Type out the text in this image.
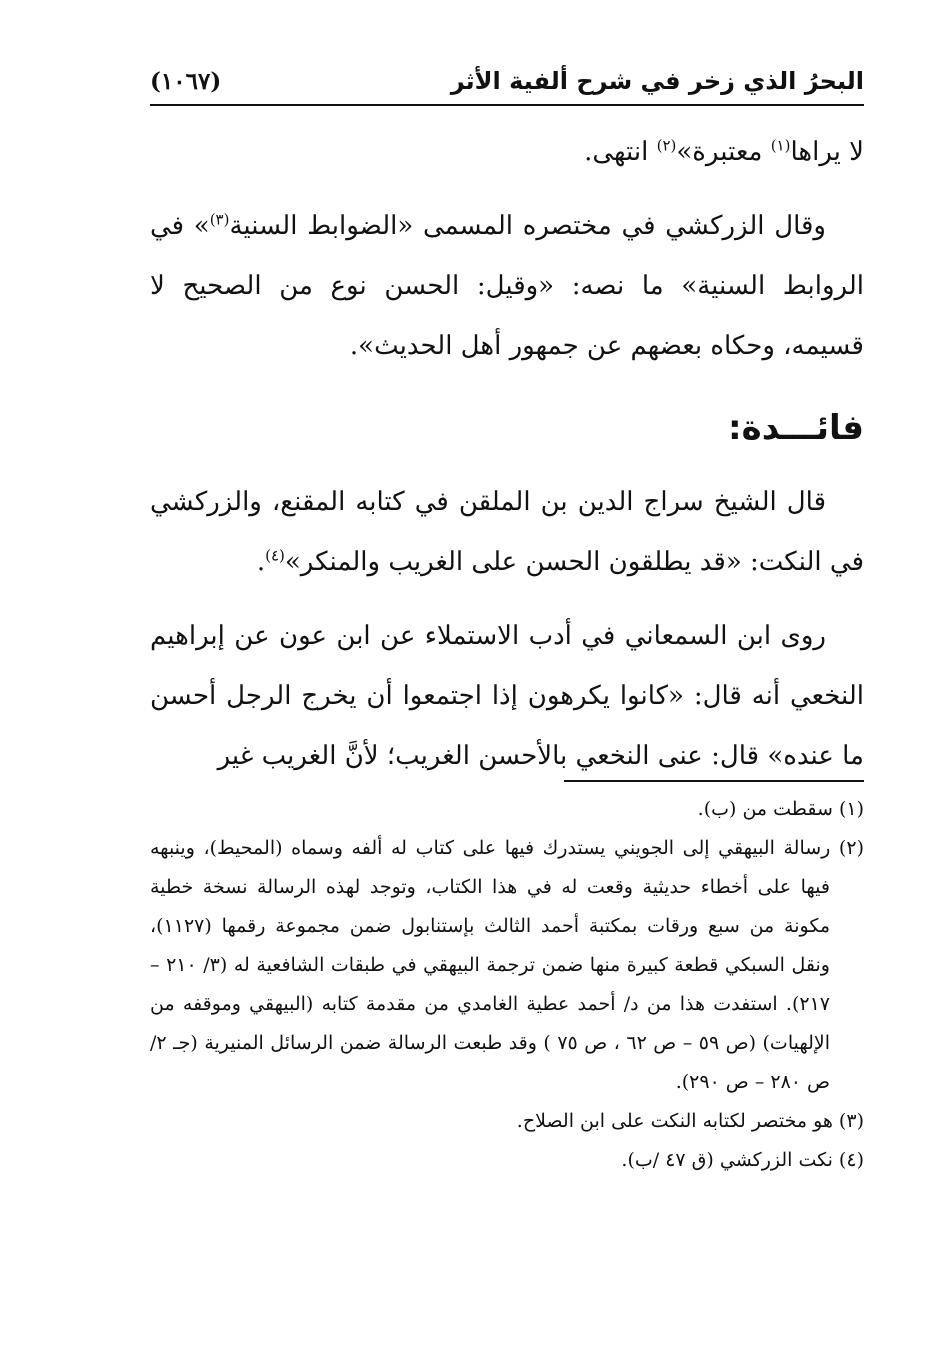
البحرُ الذي زخر في شرح ألفية الأثر
(١٠٦٧)

لا يراها$^{(١)}$ معتبرة»$^{(٢)}$ انتهى.

وقال الزركشي في مختصره المسمى «الضوابط السنية$^{(٣)}$» في الروابط السنية» ما نصه: «وقيل: الحسن نوع من الصحيح لا قسيمه، وحكاه بعضهم عن جمهور أهل الحديث».

فائـــدة:

قال الشيخ سراج الدين بن الملقن في كتابه المقنع، والزركشي في النكت: «قد يطلقون الحسن على الغريب والمنكر»$^{(٤)}$.

روى ابن السمعاني في أدب الاستملاء عن ابن عون عن إبراهيم النخعي أنه قال: «كانوا يكرهون إذا اجتمعوا أن يخرج الرجل أحسن ما عنده» قال: عنى النخعي بالأحسن الغريب؛ لأنَّ الغريب غير

(١) سقطت من (ب).

(٢) رسالة البيهقي إلى الجويني يستدرك فيها على كتاب له ألفه وسماه (المحيط)، وينبهه فيها على أخطاء حديثية وقعت له في هذا الكتاب، وتوجد لهذه الرسالة نسخة خطية مكونة من سبع ورقات بمكتبة أحمد الثالث بإستنابول ضمن مجموعة رقمها (١١٢٧)، ونقل السبكي قطعة كبيرة منها ضمن ترجمة البيهقي في طبقات الشافعية له (٣/ ٢١٠ – ٢١٧). استفدت هذا من د/ أحمد عطية الغامدي من مقدمة كتابه (البيهقي وموقفه من الإلهيات) (ص ٥٩ – ص ٦٢ ، ص ٧٥ ) وقد طبعت الرسالة ضمن الرسائل المنيرية (جـ ٢/ ص ٢٨٠ – ص ٢٩٠).

(٣) هو مختصر لكتابه النكت على ابن الصلاح.

(٤) نكت الزركشي (ق ٤٧ /ب).
